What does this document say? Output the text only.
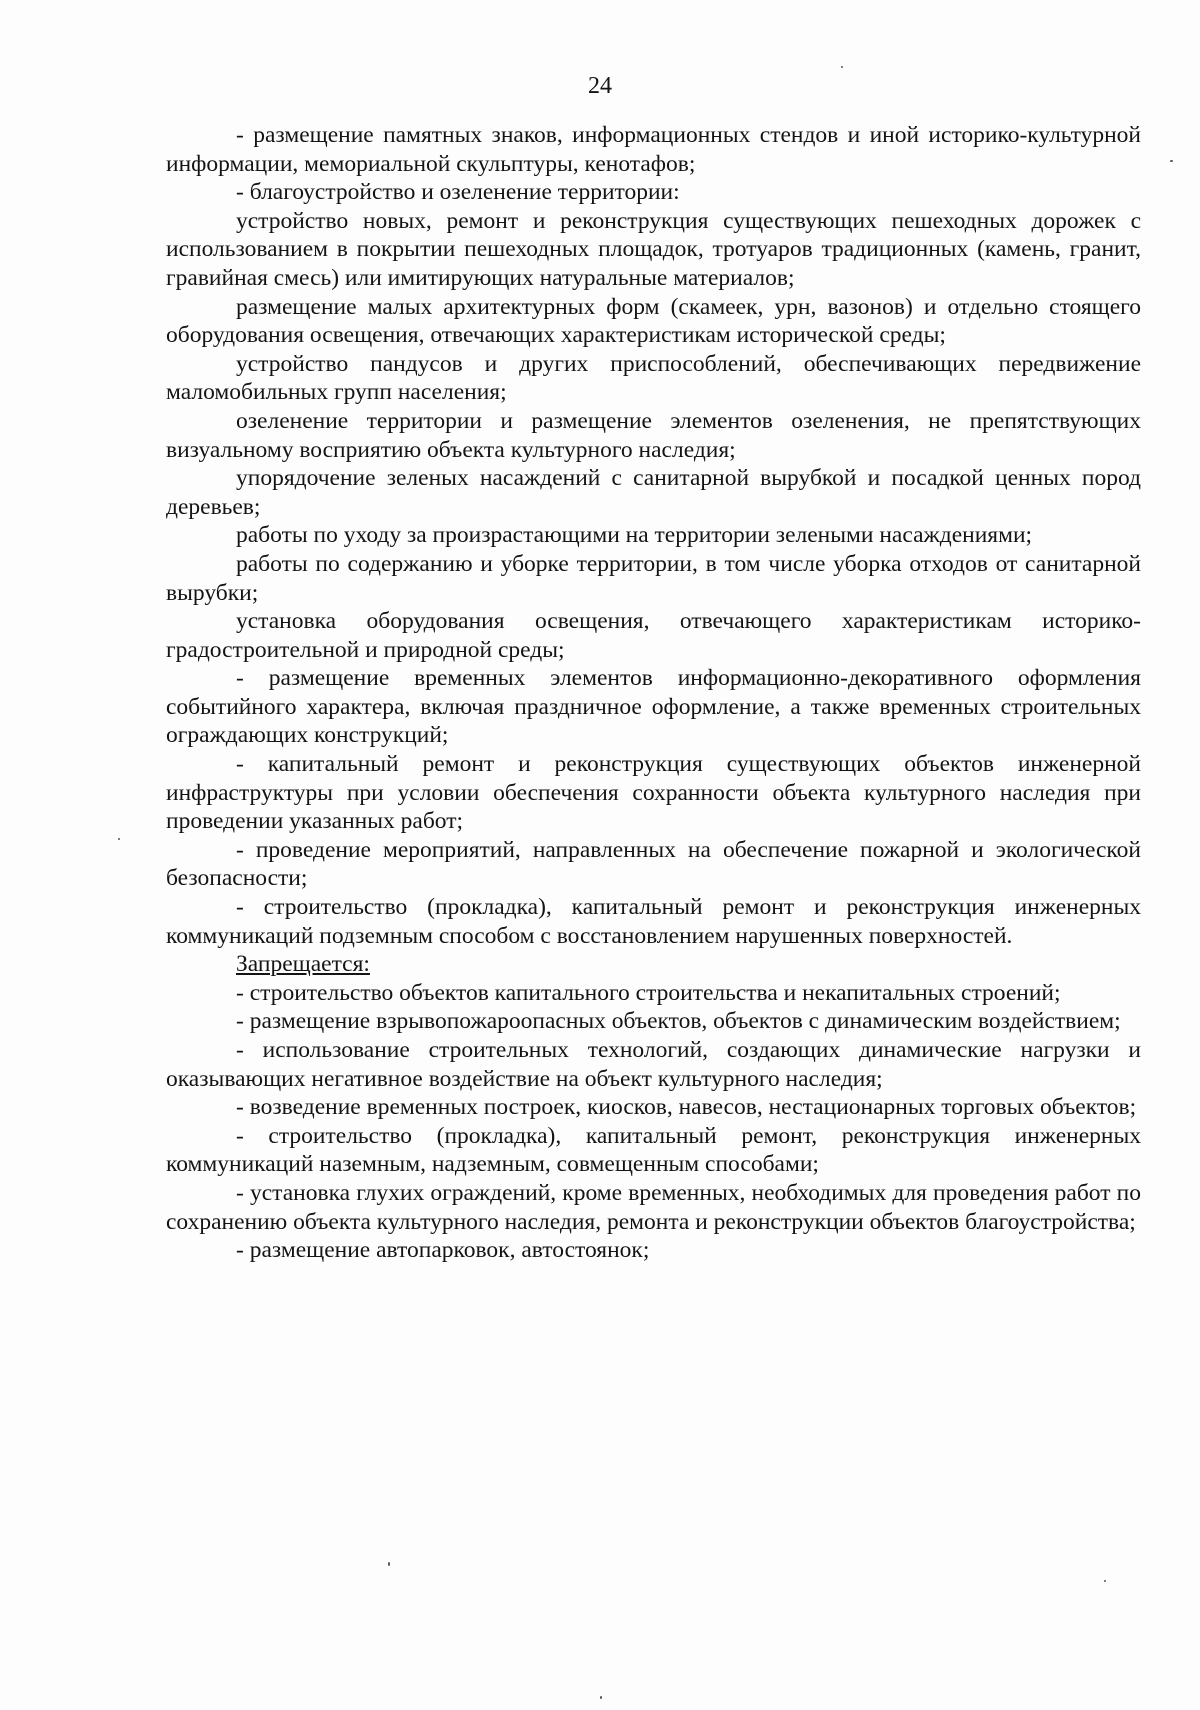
24

- размещение памятных знаков, информационных стендов и иной историко-культурной информации, мемориальной скульптуры, кенотафов;

- благоустройство и озеленение территории:

устройство новых, ремонт и реконструкция существующих пешеходных дорожек с использованием в покрытии пешеходных площадок, тротуаров традиционных (камень, гранит, гравийная смесь) или имитирующих натуральные материалов;

размещение малых архитектурных форм (скамеек, урн, вазонов) и отдельно стоящего оборудования освещения, отвечающих характеристикам исторической среды;

устройство пандусов и других приспособлений, обеспечивающих передвижение маломобильных групп населения;

озеленение территории и размещение элементов озеленения, не препятствующих визуальному восприятию объекта культурного наследия;

упорядочение зеленых насаждений с санитарной вырубкой и посадкой ценных пород деревьев;

работы по уходу за произрастающими на территории зелеными насаждениями;

работы по содержанию и уборке территории, в том числе уборка отходов от санитарной вырубки;

установка оборудования освещения, отвечающего характеристикам историко-градостроительной и природной среды;

- размещение временных элементов информационно-декоративного оформления событийного характера, включая праздничное оформление, а также временных строительных ограждающих конструкций;

- капитальный ремонт и реконструкция существующих объектов инженерной инфраструктуры при условии обеспечения сохранности объекта культурного наследия при проведении указанных работ;

- проведение мероприятий, направленных на обеспечение пожарной и экологической безопасности;

- строительство (прокладка), капитальный ремонт и реконструкция инженерных коммуникаций подземным способом с восстановлением нарушенных поверхностей.

Запрещается:

- строительство объектов капитального строительства и некапитальных строений;

- размещение взрывопожароопасных объектов, объектов с динамическим воздействием;

- использование строительных технологий, создающих динамические нагрузки и оказывающих негативное воздействие на объект культурного наследия;

- возведение временных построек, киосков, навесов, нестационарных торговых объектов;

- строительство (прокладка), капитальный ремонт, реконструкция инженерных коммуникаций наземным, надземным, совмещенным способами;

- установка глухих ограждений, кроме временных, необходимых для проведения работ по сохранению объекта культурного наследия, ремонта и реконструкции объектов благоустройства;

- размещение автопарковок, автостоянок;
